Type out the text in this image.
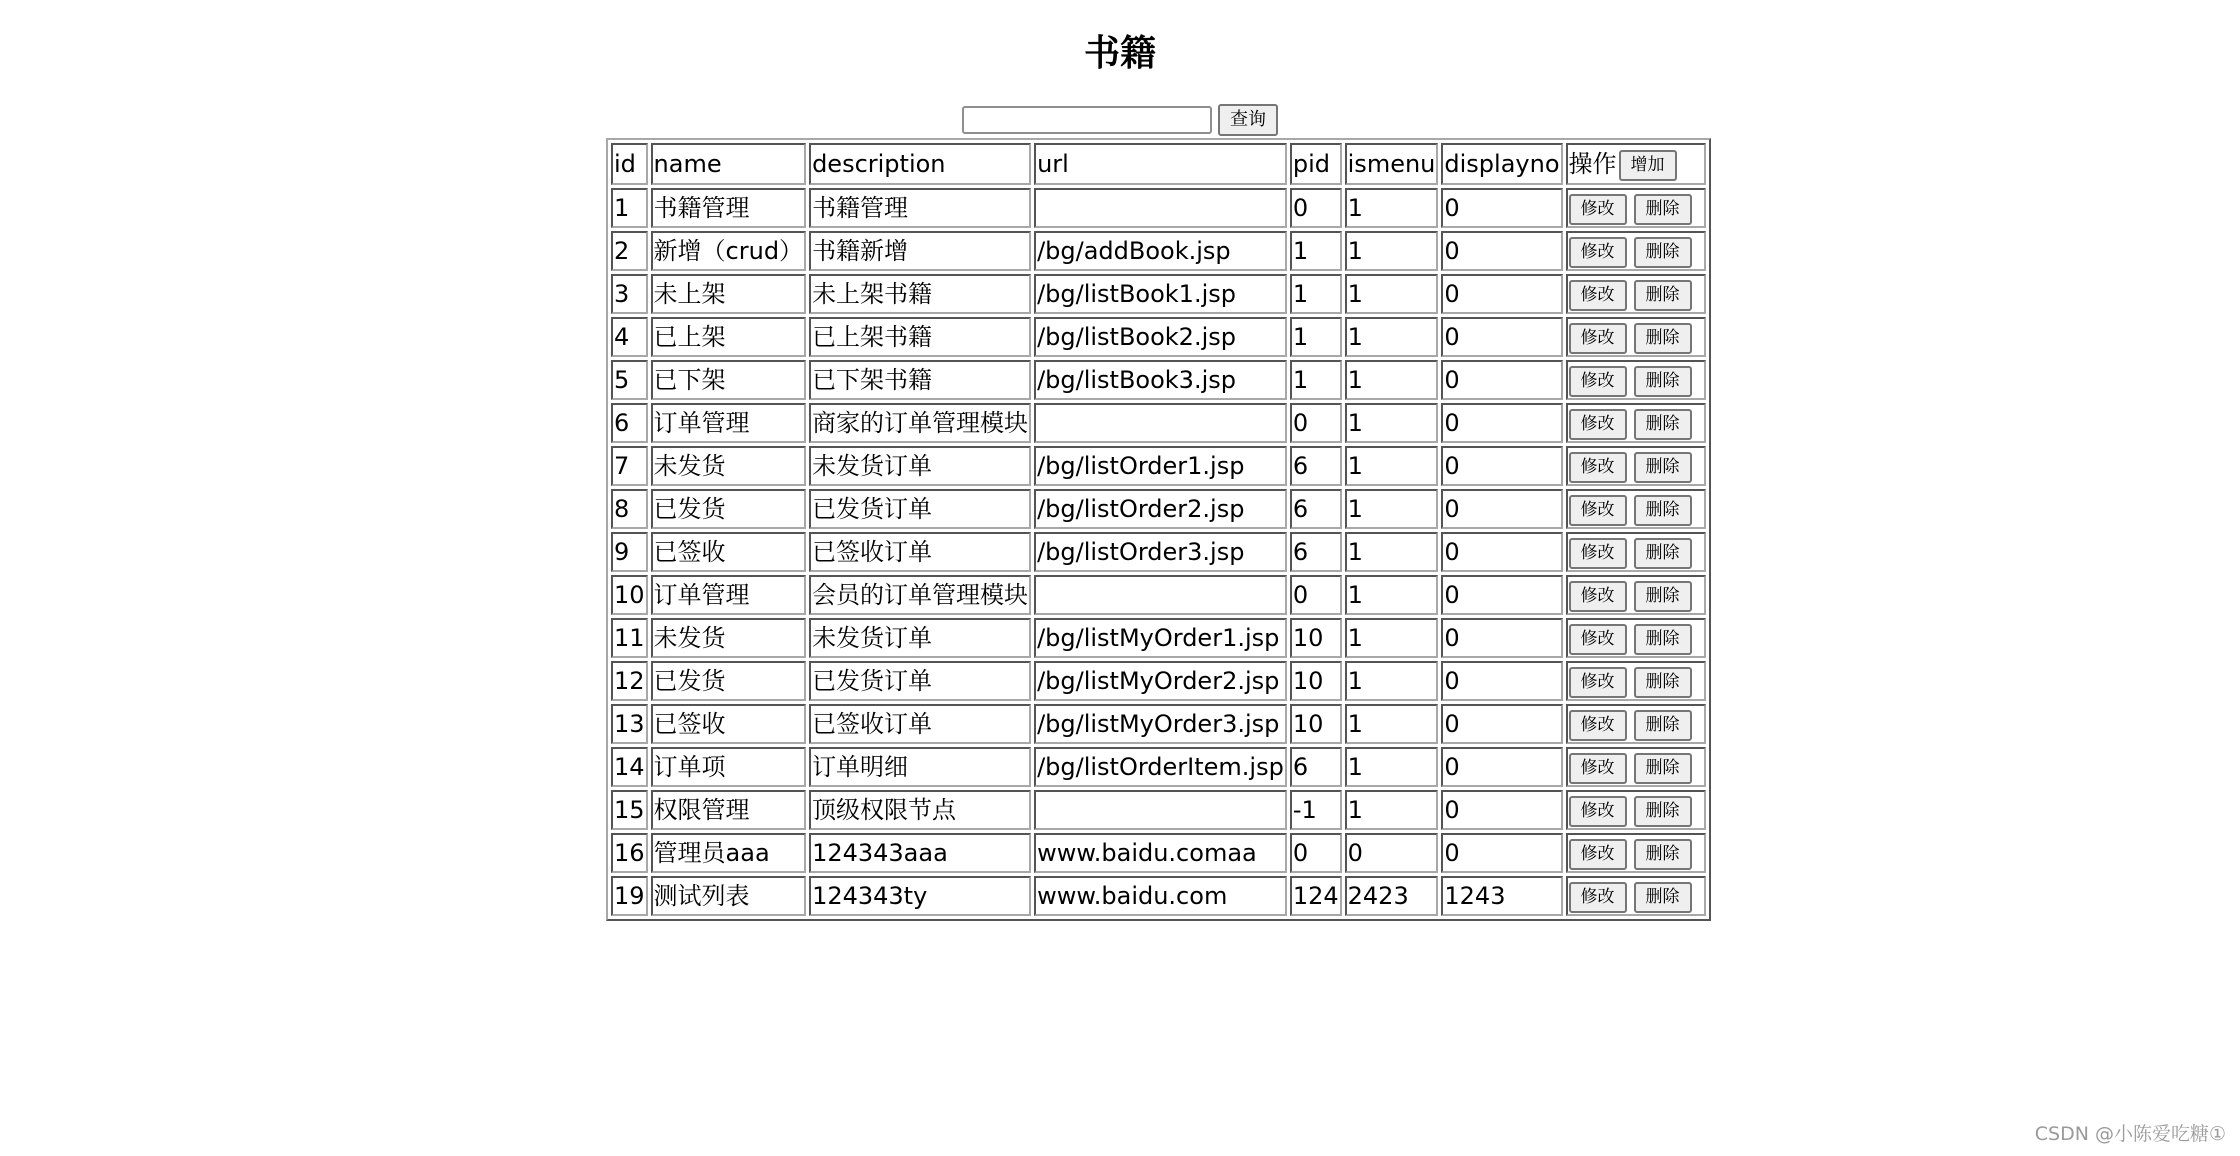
书籍
查询
id	name	description	url	pid	ismenu	displayno	操作 增加
1	书籍管理	书籍管理		0	1	0	修改 删除
2	新增（crud）	书籍新增	/bg/addBook.jsp	1	1	0	修改 删除
3	未上架	未上架书籍	/bg/listBook1.jsp	1	1	0	修改 删除
4	已上架	已上架书籍	/bg/listBook2.jsp	1	1	0	修改 删除
5	已下架	已下架书籍	/bg/listBook3.jsp	1	1	0	修改 删除
6	订单管理	商家的订单管理模块		0	1	0	修改 删除
7	未发货	未发货订单	/bg/listOrder1.jsp	6	1	0	修改 删除
8	已发货	已发货订单	/bg/listOrder2.jsp	6	1	0	修改 删除
9	已签收	已签收订单	/bg/listOrder3.jsp	6	1	0	修改 删除
10	订单管理	会员的订单管理模块		0	1	0	修改 删除
11	未发货	未发货订单	/bg/listMyOrder1.jsp	10	1	0	修改 删除
12	已发货	已发货订单	/bg/listMyOrder2.jsp	10	1	0	修改 删除
13	已签收	已签收订单	/bg/listMyOrder3.jsp	10	1	0	修改 删除
14	订单项	订单明细	/bg/listOrderItem.jsp	6	1	0	修改 删除
15	权限管理	顶级权限节点		-1	1	0	修改 删除
16	管理员aaa	124343aaa	www.baidu.comaa	0	0	0	修改 删除
19	测试列表	124343ty	www.baidu.com	124	2423	1243	修改 删除
CSDN @小陈爱吃糖①
